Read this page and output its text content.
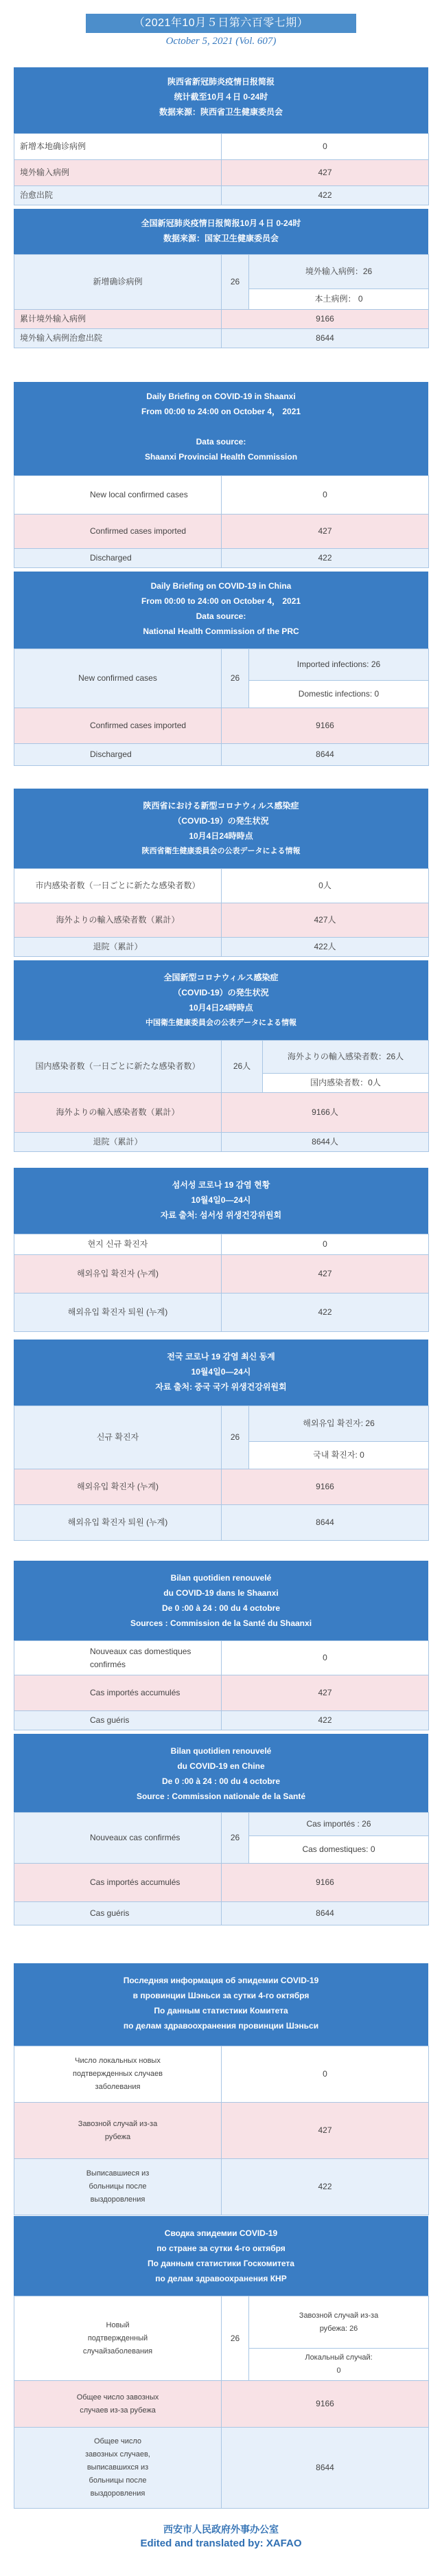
（2021年10月５日第六百零七期）
October 5, 2021 (Vol. 607)
陕西省新冠肺炎疫情日报简报
统计截至10月４日 0-24时
数据来源：陕西省卫生健康委员会
新增本地确诊病例	0
境外输入病例	427
治愈出院	422
全国新冠肺炎疫情日报简报10月４日 0-24时
数据来源：国家卫生健康委员会
新增确诊病例	26	境外输入病例：26
		本土病例： 0
累计境外输入病例	9166	
境外输入病例治愈出院	8644	
Daily Briefing on COVID-19 in Shaanxi
From 00:00 to 24:00 on October 4， 2021
Data source:
Shaanxi Provincial Health Commission
New local confirmed cases	0
Confirmed cases imported	427
Discharged	422
Daily Briefing on COVID-19 in China
From 00:00 to 24:00 on October 4， 2021
Data source:
National Health Commission of the PRC
New confirmed cases	26	Imported infections: 26
		Domestic infections: 0
Confirmed cases imported	9166	
Discharged	8644	
陝西省における新型コロナウィルス感染症
（COVID-19）の発生状況
10月4日24時時点
陝西省衛生健康委員会の公表データによる情報
市内感染者数（一日ごとに新たな感染者数）	0人
海外よりの輸入感染者数（累計）	427人
退院（累計）	422人
全国新型コロナウィルス感染症
（COVID-19）の発生状況
10月4日24時時点
中国衛生健康委員会の公表データによる情報
国内感染者数（一日ごとに新たな感染者数）	26人	海外よりの輸入感染者数：26人
		国内感染者数：0人
海外よりの輸入感染者数（累計）	9166人	
退院（累計）	8644人	
섬서성 코로나 19 감염 현황
10월4일0—24시
자료 출처: 섬서성 위생건강위원회
현지 신규 확진자	0
해외유입 확진자 (누계)	427
해외유입 확진자 퇴원 (누계)	422
전국 코로나 19 감염 최신 동계
10월4일0—24시
자료 출처: 중국 국가 위생건강위원회
신규 확진자	26	해외유입 확진자: 26
		국내 확진자: 0
해외유입 확진자 (누계)	9166	
해외유입 확진자 퇴원 (누계)	8644	
Bilan quotidien renouvelé
du COVID-19 dans le Shaanxi
De 0 :00 à 24 : 00 du 4 octobre
Sources : Commission de la Santé du Shaanxi
Nouveaux cas domestiques confirmés	0
Cas importés accumulés	427
Cas guéris	422
Bilan quotidien renouvelé
du COVID-19 en Chine
De 0 :00 à 24 : 00 du 4 octobre
Source : Commission nationale de la Santé
Nouveaux cas confirmés	26	Cas importés : 26
		Cas domestiques: 0
Cas importés accumulés	9166	
Cas guéris	8644	
Последняя информация об эпидемии COVID-19
в провинции Шэньси за сутки 4-го октября
По данным статистики Комитета
по делам здравоохранения провинции Шэньси
Число локальных новых подтвержденных случаев заболевания	0
Завозной случай из-за рубежа	427
Выписавшиеся из больницы после выздоровления	422
Сводка эпидемии COVID-19
по стране за сутки 4-го октября
По данным статистики Госкомитета
по делам здравоохранения КНР
Новый подтвержденный случайзаболевания	26	Завозной случай из-за рубежа: 26
		Локальный случай: 0
Общее число завозных случаев из-за рубежа	9166	
Общее число завозных случаев, выписавшихся из больницы после выздоровления	8644	
西安市人民政府外事办公室
Edited and translated by: XAFAO
